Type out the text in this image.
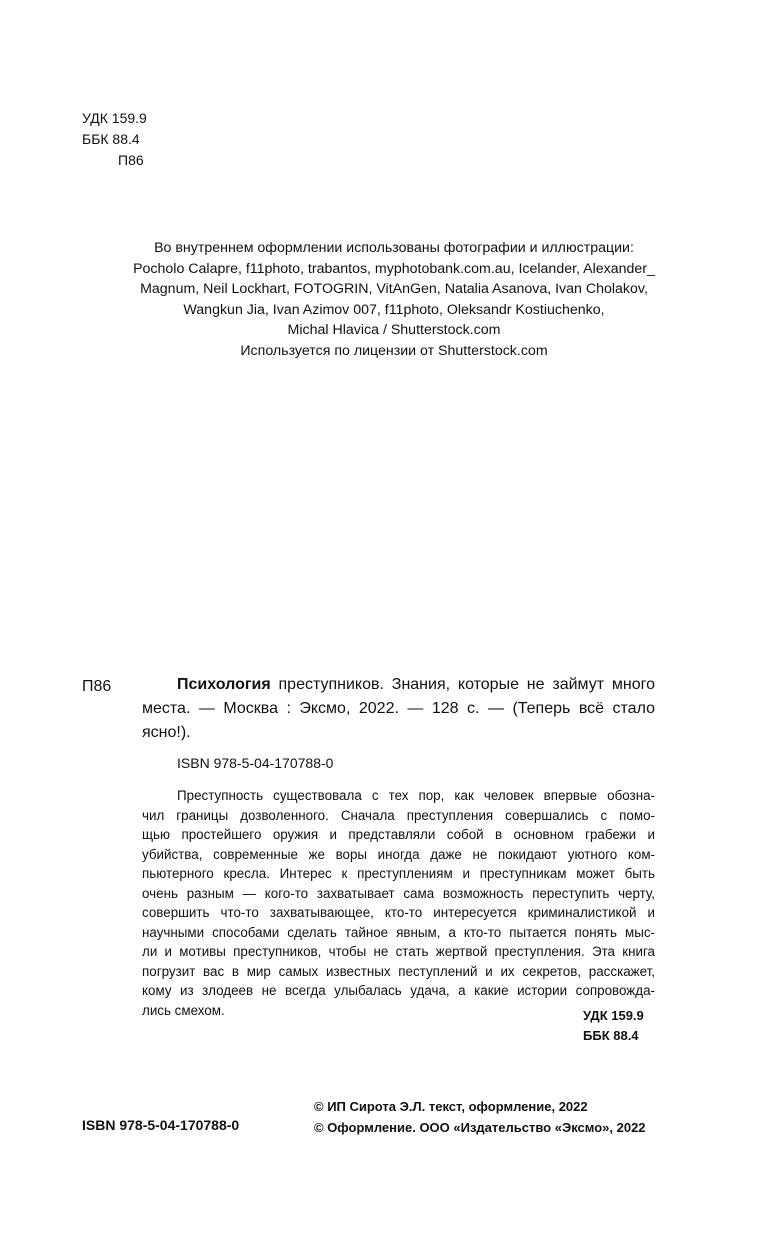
УДК 159.9
ББК 88.4
П86
Во внутреннем оформлении использованы фотографии и иллюстрации:
Pocholo Calapre, f11photo, trabantos, myphotobank.com.au, Icelander, Alexander_
Magnum, Neil Lockhart, FOTOGRIN, VitAnGen, Natalia Asanova, Ivan Cholakov,
Wangkun Jia, Ivan Azimov 007, f11photo, Oleksandr Kostiuchenko,
Michal Hlavica / Shutterstock.com
Используется по лицензии от Shutterstock.com
П86	Психология преступников. Знания, которые не займут много места. — Москва : Эксмо, 2022. — 128 с. — (Теперь всё стало ясно!).
ISBN 978-5-04-170788-0
Преступность существовала с тех пор, как человек впервые обозна-
чил границы дозволенного. Сначала преступления совершались с помо-
щью простейшего оружия и представляли собой в основном грабежи и
убийства, современные же воры иногда даже не покидают уютного ком-
пьютерного кресла. Интерес к преступлениям и преступникам может быть
очень разным — кого-то захватывает сама возможность переступить черту,
совершить что-то захватывающее, кто-то интересуется криминалистикой и
научными способами сделать тайное явным, а кто-то пытается понять мыс-
ли и мотивы преступников, чтобы не стать жертвой преступления. Эта книга
погрузит вас в мир самых известных пеступлений и их секретов, расскажет,
кому из злодеев не всегда улыбалась удача, а какие истории сопровожда-
лись смехом.	УДК 159.9
ББК 88.4
© ИП Сирота Э.Л. текст, оформление, 2022
© Оформление. ООО «Издательство «Эксмо», 2022
ISBN 978-5-04-170788-0
